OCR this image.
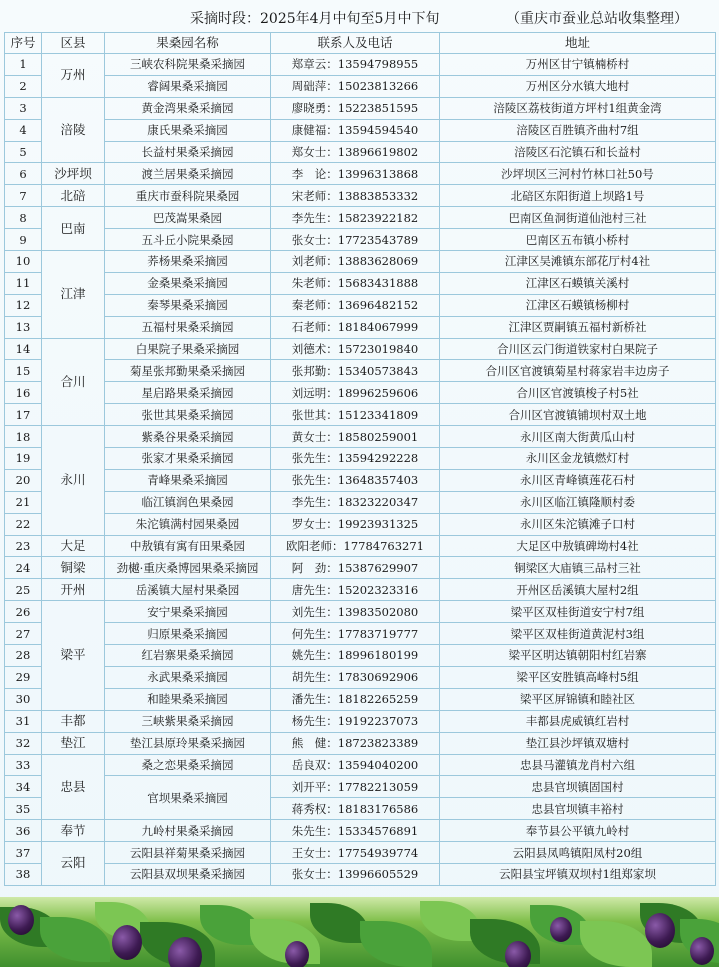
采摘时段：2025年4月中旬至5月中下旬	（重庆市蚕业总站收集整理）
序号	区县	果桑园名称	联系人及电话	地址
1	万州	三峡农科院果桑采摘园	郑章云：13594798955	万州区甘宁镇楠桥村
2		睿阔果桑采摘园	周础萍：15023813266	万州区分水镇大地村
3	涪陵	黄金湾果桑采摘园	廖晓勇：15223851595	涪陵区荔枝街道方坪村1组黄金湾
4		康氏果桑采摘园	康健福：13594594540	涪陵区百胜镇齐曲村7组
5		长益村果桑采摘园	郑女士：13896619802	涪陵区石沱镇石和长益村
6	沙坪坝	渡兰居果桑采摘园	李　论：13996313868	沙坪坝区三河村竹林口社50号
7	北碚	重庆市蚕科院果桑园	宋老师：13883853332	北碚区东阳街道上坝路1号
8	巴南	巴茂嵩果桑园	李先生：15823922182	巴南区鱼洞街道仙池村三社
9		五斗丘小院果桑园	张女士：17723543789	巴南区五布镇小桥村
10	江津	荞杨果桑采摘园	刘老师：13883628069	江津区吴滩镇东部花厅村4社
11		金桑果桑采摘园	朱老师：15683431888	江津区石蟆镇关溪村
12		秦琴果桑采摘园	秦老师：13696482152	江津区石蟆镇杨柳村
13		五福村果桑采摘园	石老师：18184067999	江津区贾嗣镇五福村新桥社
14	合川	白果院子果桑采摘园	刘德术：15723019840	合川区云门街道铁家村白果院子
15		菊星张邦勤果桑采摘园	张邦勤：15340573843	合川区官渡镇菊星村蒋家岩丰边房子
16		星启路果桑采摘园	刘远明：18996259606	合川区官渡镇梭子村5社
17		张世其果桑采摘园	张世其：15123341809	合川区官渡镇铺坝村双土地
18	永川	紫桑谷果桑采摘园	黄女士：18580259001	永川区南大街黄瓜山村
19		张家才果桑采摘园	张先生：13594292228	永川区金龙镇燃灯村
20		青峰果桑采摘园	张先生：13648357403	永川区青峰镇莲花石村
21		临江镇润色果桑园	李先生：18323220347	永川区临江镇隆顺村委
22		朱沱镇满村园果桑园	罗女士：19923931325	永川区朱沱镇滩子口村
23	大足	中敖镇有寓有田果桑园	欧阳老师：17784763271	大足区中敖镇碑坳村4社
24	铜梁	劲樾·重庆桑博园果桑采摘园	阿　劲：15387629907	铜梁区大庙镇三品村三社
25	开州	岳溪镇大屋村果桑园	唐先生：15202323316	开州区岳溪镇大屋村2组
26	梁平	安宁果桑采摘园	刘先生：13983502080	梁平区双桂街道安宁村7组
27		归原果桑采摘园	何先生：17783719777	梁平区双桂街道黄泥村3组
28		红岩寨果桑采摘园	姚先生：18996180199	梁平区明达镇朝阳村红岩寨
29		永武果桑采摘园	胡先生：17830692906	梁平区安胜镇高峰村5组
30		和睦果桑采摘园	潘先生：18182265259	梁平区屏锦镇和睦社区
31	丰都	三峡紫果桑采摘园	杨先生：19192237073	丰都县虎威镇红岩村
32	垫江	垫江县原玲果桑采摘园	熊　健：18723823389	垫江县沙坪镇双塘村
33	忠县	桑之恋果桑采摘园	岳良双：13594040200	忠县马灌镇龙肖村六组
34		官坝果桑采摘园	刘开平：17782213059	忠县官坝镇固国村
35			蒋秀权：18183176586	忠县官坝镇丰裕村
36	奉节	九岭村果桑采摘园	朱先生：15334576891	奉节县公平镇九岭村
37	云阳	云阳县祥菊果桑采摘园	王女士：17754939774	云阳县凤鸣镇阳凤村20组
38		云阳县双坝果桑采摘园	张女士：13996605529	云阳县宝坪镇双坝村1组郑家坝
